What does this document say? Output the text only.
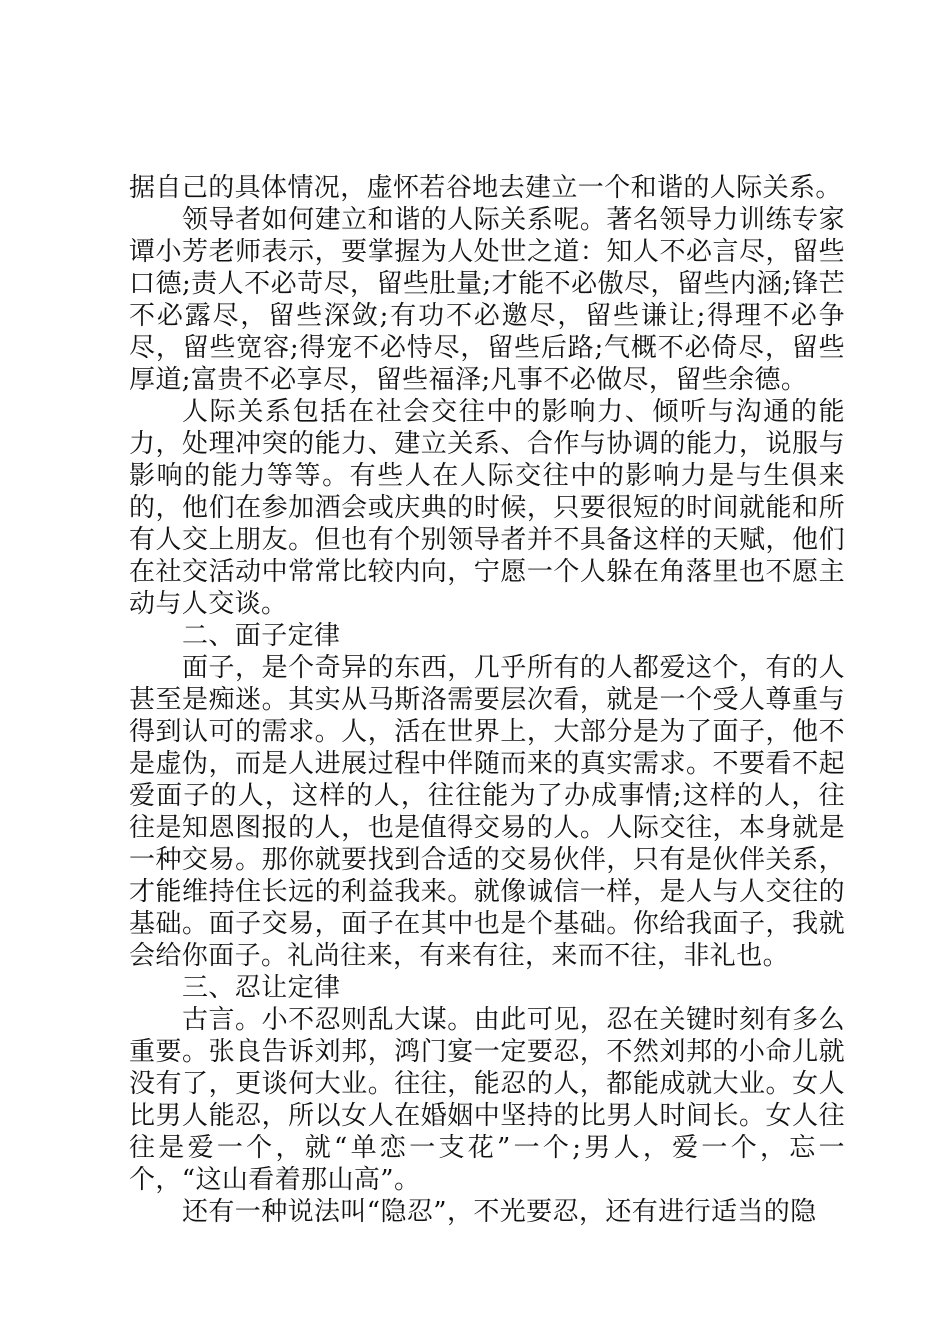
据自己的具体情况，虚怀若谷地去建立一个和谐的人际关系。

领导者如何建立和谐的人际关系呢。著名领导力训练专家谭小芳老师表示，要掌握为人处世之道：知人不必言尽，留些口德;责人不必苛尽，留些肚量;才能不必傲尽，留些内涵;锋芒不必露尽，留些深敛;有功不必邀尽，留些谦让;得理不必争尽，留些宽容;得宠不必恃尽，留些后路;气概不必倚尽，留些厚道;富贵不必享尽，留些福泽;凡事不必做尽，留些余德。

人际关系包括在社会交往中的影响力、倾听与沟通的能力，处理冲突的能力、建立关系、合作与协调的能力，说服与影响的能力等等。有些人在人际交往中的影响力是与生俱来的，他们在参加酒会或庆典的时候，只要很短的时间就能和所有人交上朋友。但也有个别领导者并不具备这样的天赋，他们在社交活动中常常比较内向，宁愿一个人躲在角落里也不愿主动与人交谈。

二、面子定律

面子，是个奇异的东西，几乎所有的人都爱这个，有的人甚至是痴迷。其实从马斯洛需要层次看，就是一个受人尊重与得到认可的需求。人，活在世界上，大部分是为了面子，他不是虚伪，而是人进展过程中伴随而来的真实需求。不要看不起爱面子的人，这样的人，往往能为了办成事情;这样的人，往往是知恩图报的人，也是值得交易的人。人际交往，本身就是一种交易。那你就要找到合适的交易伙伴，只有是伙伴关系，才能维持住长远的利益我来。就像诚信一样，是人与人交往的基础。面子交易，面子在其中也是个基础。你给我面子，我就会给你面子。礼尚往来，有来有往，来而不往，非礼也。

三、忍让定律

古言。小不忍则乱大谋。由此可见，忍在关键时刻有多么重要。张良告诉刘邦，鸿门宴一定要忍，不然刘邦的小命儿就没有了，更谈何大业。往往，能忍的人，都能成就大业。女人比男人能忍，所以女人在婚姻中坚持的比男人时间长。女人往往是爱一个，就“单恋一支花”一个;男人，爱一个，忘一个，“这山看着那山高”。

还有一种说法叫“隐忍”，不光要忍，还有进行适当的隐
